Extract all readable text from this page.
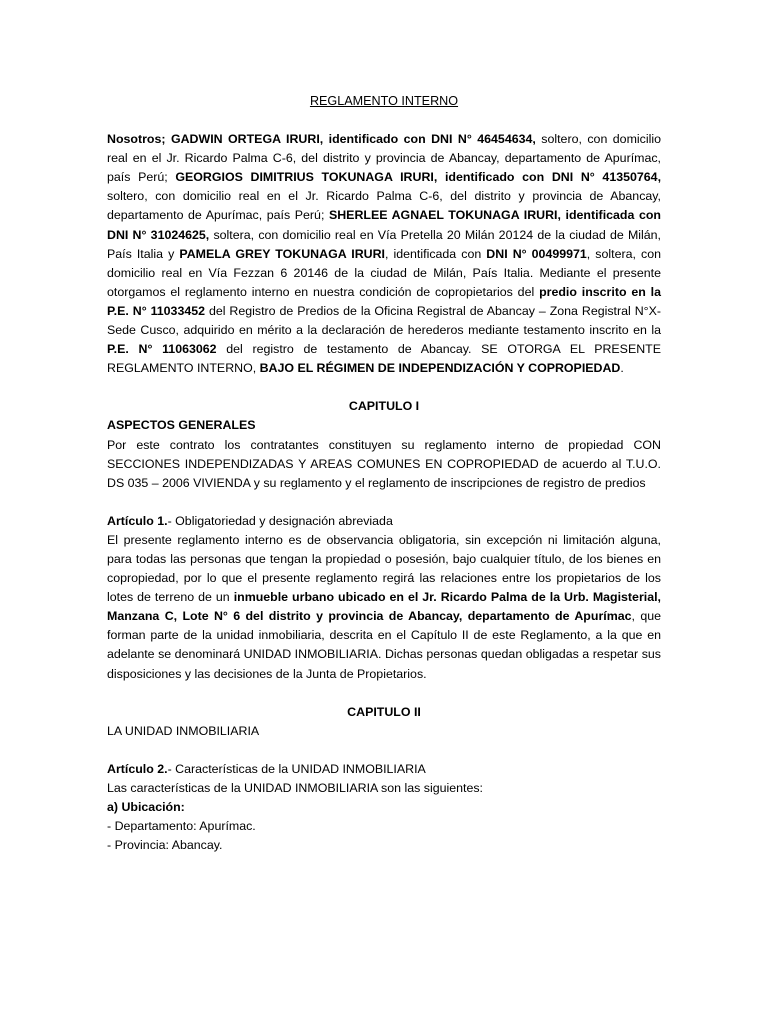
REGLAMENTO INTERNO

Nosotros; GADWIN ORTEGA IRURI, identificado con DNI N° 46454634, soltero, con domicilio real en el Jr. Ricardo Palma C-6, del distrito y provincia de Abancay, departamento de Apurímac, país Perú; GEORGIOS DIMITRIUS TOKUNAGA IRURI, identificado con DNI N° 41350764, soltero, con domicilio real en el Jr. Ricardo Palma C-6, del distrito y provincia de Abancay, departamento de Apurímac, país Perú; SHERLEE AGNAEL TOKUNAGA IRURI, identificada con DNI N° 31024625, soltera, con domicilio real en Vía Pretella 20 Milán 20124 de la ciudad de Milán, País Italia y PAMELA GREY TOKUNAGA IRURI, identificada con DNI N° 00499971, soltera, con domicilio real en Vía Fezzan 6 20146 de la ciudad de Milán, País Italia. Mediante el presente otorgamos el reglamento interno en nuestra condición de copropietarios del predio inscrito en la P.E. N° 11033452 del Registro de Predios de la Oficina Registral de Abancay – Zona Registral N°X-Sede Cusco, adquirido en mérito a la declaración de herederos mediante testamento inscrito en la P.E. N° 11063062 del registro de testamento de Abancay. SE OTORGA EL PRESENTE REGLAMENTO INTERNO, BAJO EL RÉGIMEN DE INDEPENDIZACIÓN Y COPROPIEDAD.

CAPITULO I

ASPECTOS GENERALES

Por este contrato los contratantes constituyen su reglamento interno de propiedad CON SECCIONES INDEPENDIZADAS Y AREAS COMUNES EN COPROPIEDAD de acuerdo al T.U.O. DS 035 – 2006 VIVIENDA y su reglamento y el reglamento de inscripciones de registro de predios

Artículo 1.- Obligatoriedad y designación abreviada

El presente reglamento interno es de observancia obligatoria, sin excepción ni limitación alguna, para todas las personas que tengan la propiedad o posesión, bajo cualquier título, de los bienes en copropiedad, por lo que el presente reglamento regirá las relaciones entre los propietarios de los lotes de terreno de un inmueble urbano ubicado en el Jr. Ricardo Palma de la Urb. Magisterial, Manzana C, Lote N° 6 del distrito y provincia de Abancay, departamento de Apurímac, que forman parte de la unidad inmobiliaria, descrita en el Capítulo II de este Reglamento, a la que en adelante se denominará UNIDAD INMOBILIARIA. Dichas personas quedan obligadas a respetar sus disposiciones y las decisiones de la Junta de Propietarios.

CAPITULO II

LA UNIDAD INMOBILIARIA

Artículo 2.- Características de la UNIDAD INMOBILIARIA

Las características de la UNIDAD INMOBILIARIA son las siguientes:

a) Ubicación:

- Departamento: Apurímac.

- Provincia: Abancay.
